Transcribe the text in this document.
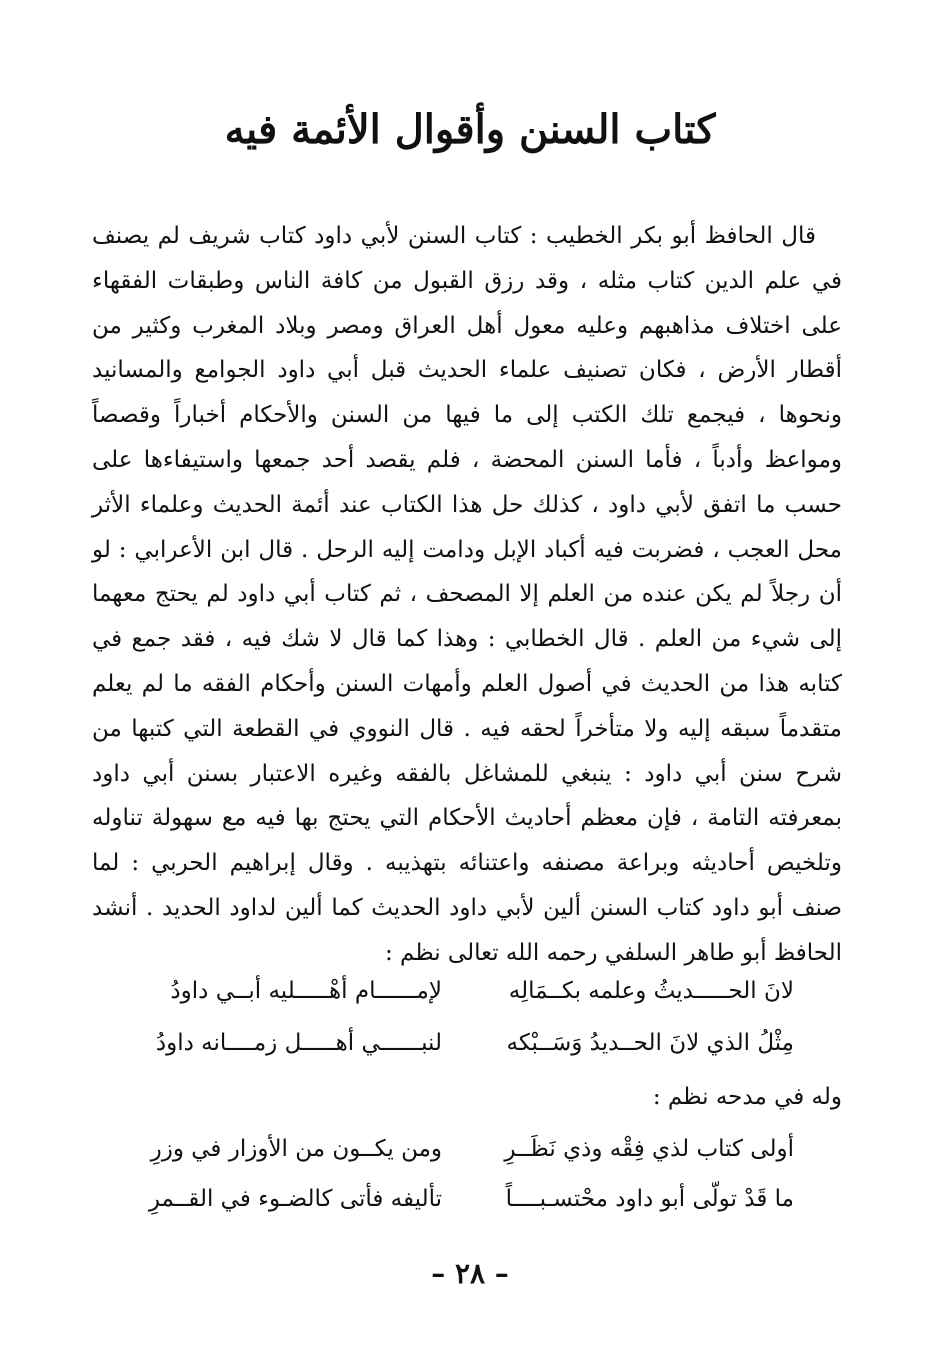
كتاب السنن وأقوال الأئمة فيه

قال الحافظ أبو بكر الخطيب : كتاب السنن لأبي داود كتاب شريف لم يصنف في علم الدين كتاب مثله ، وقد رزق القبول من كافة الناس وطبقات الفقهاء على اختلاف مذاهبهم وعليه معول أهل العراق ومصر وبلاد المغرب وكثير من أقطار الأرض ، فكان تصنيف علماء الحديث قبل أبي داود الجوامع والمسانيد ونحوها ، فيجمع تلك الكتب إلى ما فيها من السنن والأحكام أخباراً وقصصاً ومواعظ وأدباً ، فأما السنن المحضة ، فلم يقصد أحد جمعها واستيفاءها على حسب ما اتفق لأبي داود ، كذلك حل هذا الكتاب عند أئمة الحديث وعلماء الأثر محل العجب ، فضربت فيه أكباد الإبل ودامت إليه الرحل . قال ابن الأعرابي : لو أن رجلاً لم يكن عنده من العلم إلا المصحف ، ثم كتاب أبي داود لم يحتج معهما إلى شيء من العلم . قال الخطابي : وهذا كما قال لا شك فيه ، فقد جمع في كتابه هذا من الحديث في أصول العلم وأمهات السنن وأحكام الفقه ما لم يعلم متقدماً سبقه إليه ولا متأخراً لحقه فيه . قال النووي في القطعة التي كتبها من شرح سنن أبي داود : ينبغي للمشاغل بالفقه وغيره الاعتبار بسنن أبي داود بمعرفته التامة ، فإن معظم أحاديث الأحكام التي يحتج بها فيه مع سهولة تناوله وتلخيص أحاديثه وبراعة مصنفه واعتنائه بتهذيبه . وقال إبراهيم الحربي : لما صنف أبو داود كتاب السنن ألين لأبي داود الحديث كما ألين لداود الحديد . أنشد الحافظ أبو طاهر السلفي رحمه الله تعالى نظم :

لانَ الحـــــديثُ وعلمه بكــمَالِه
لإمــــــام أهْـــــليه أبــي داودُ
مِثْلُ الذي لانَ الحــديدُ وَسَــبْكه
لنبــــــي أهـــــل زمــــانه داودُ
وله في مدحه نظم :
أولى كتاب لذي فِقْه وذي نَظَــرِ
ومن يكــون من الأوزار في وزرِ
ما قَدْ تولّى أبو داود محْتسـبــــاً
تأليفه فأتى كالضـوء في القــمرِ
– ٢٨ –
